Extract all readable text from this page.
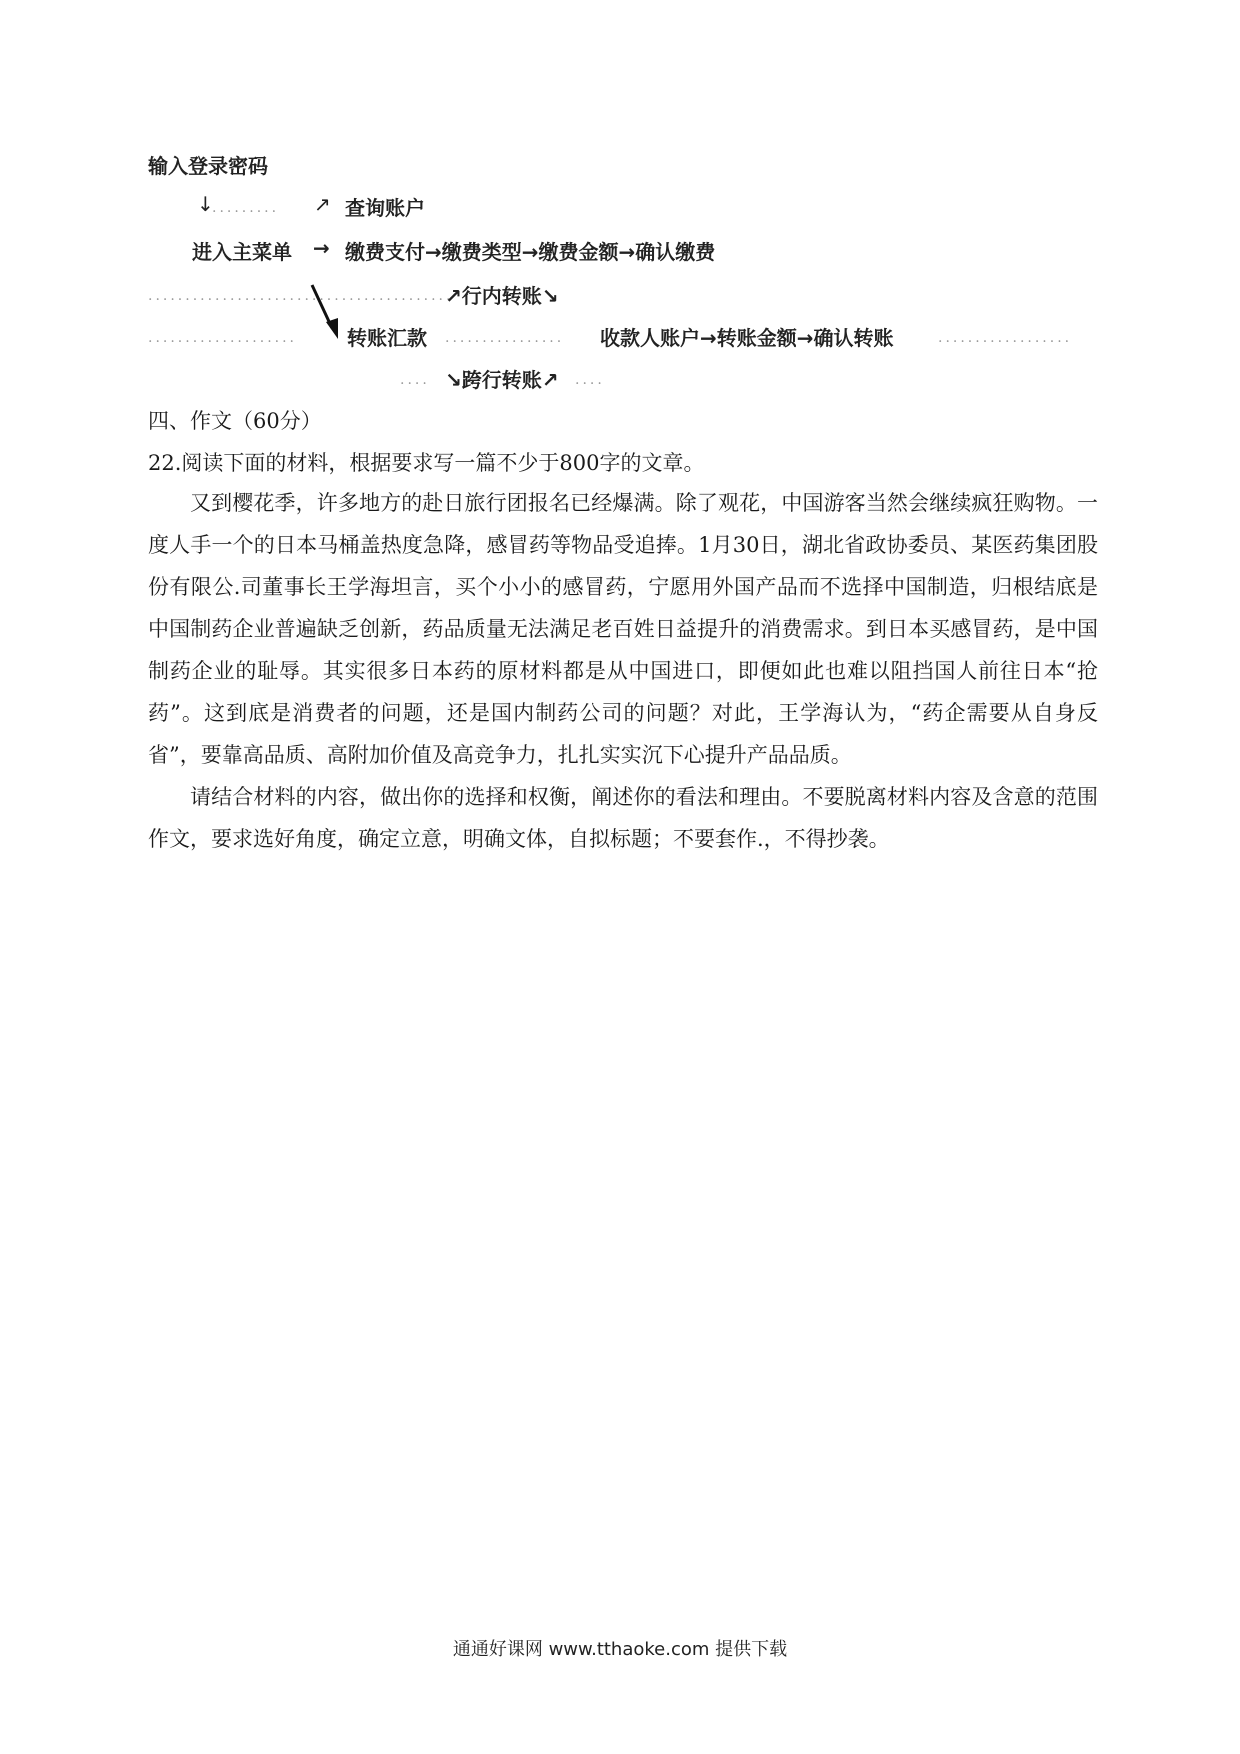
输入登录密码
↓
......... ↗ 查询账户
进入主菜单 → 缴费支付→缴费类型→缴费金额→确认缴费
.........................................
↗行内转账↘
.................... 转账汇款 ................ 收款人账户→转账金额→确认转账	..................
.... ↘跨行转账↗ ....
四、作文（60分）
22.阅读下面的材料，根据要求写一篇不少于800字的文章。

又到樱花季，许多地方的赴日旅行团报名已经爆满。除了观花，中国游客当然会继续疯狂购物。一度人手一个的日本马桶盖热度急降，感冒药等物品受追捧。1月30日，湖北省政协委员、某医药集团股份有限公.司董事长王学海坦言，买个小小的感冒药，宁愿用外国产品而不选择中国制造，归根结底是中国制药企业普遍缺乏创新，药品质量无法满足老百姓日益提升的消费需求。到日本买感冒药，是中国制药企业的耻辱。其实很多日本药的原材料都是从中国进口，即便如此也难以阻挡国人前往日本“抢药”。这到底是消费者的问题，还是国内制药公司的问题？对此，王学海认为，“药企需要从自身反省”，要靠高品质、高附加价值及高竞争力，扎扎实实沉下心提升产品品质。

请结合材料的内容，做出你的选择和权衡，阐述你的看法和理由。不要脱离材料内容及含意的范围作文，要求选好角度，确定立意，明确文体，自拟标题；不要套作.，不得抄袭。

通通好课网 www.tthaoke.com 提供下载
